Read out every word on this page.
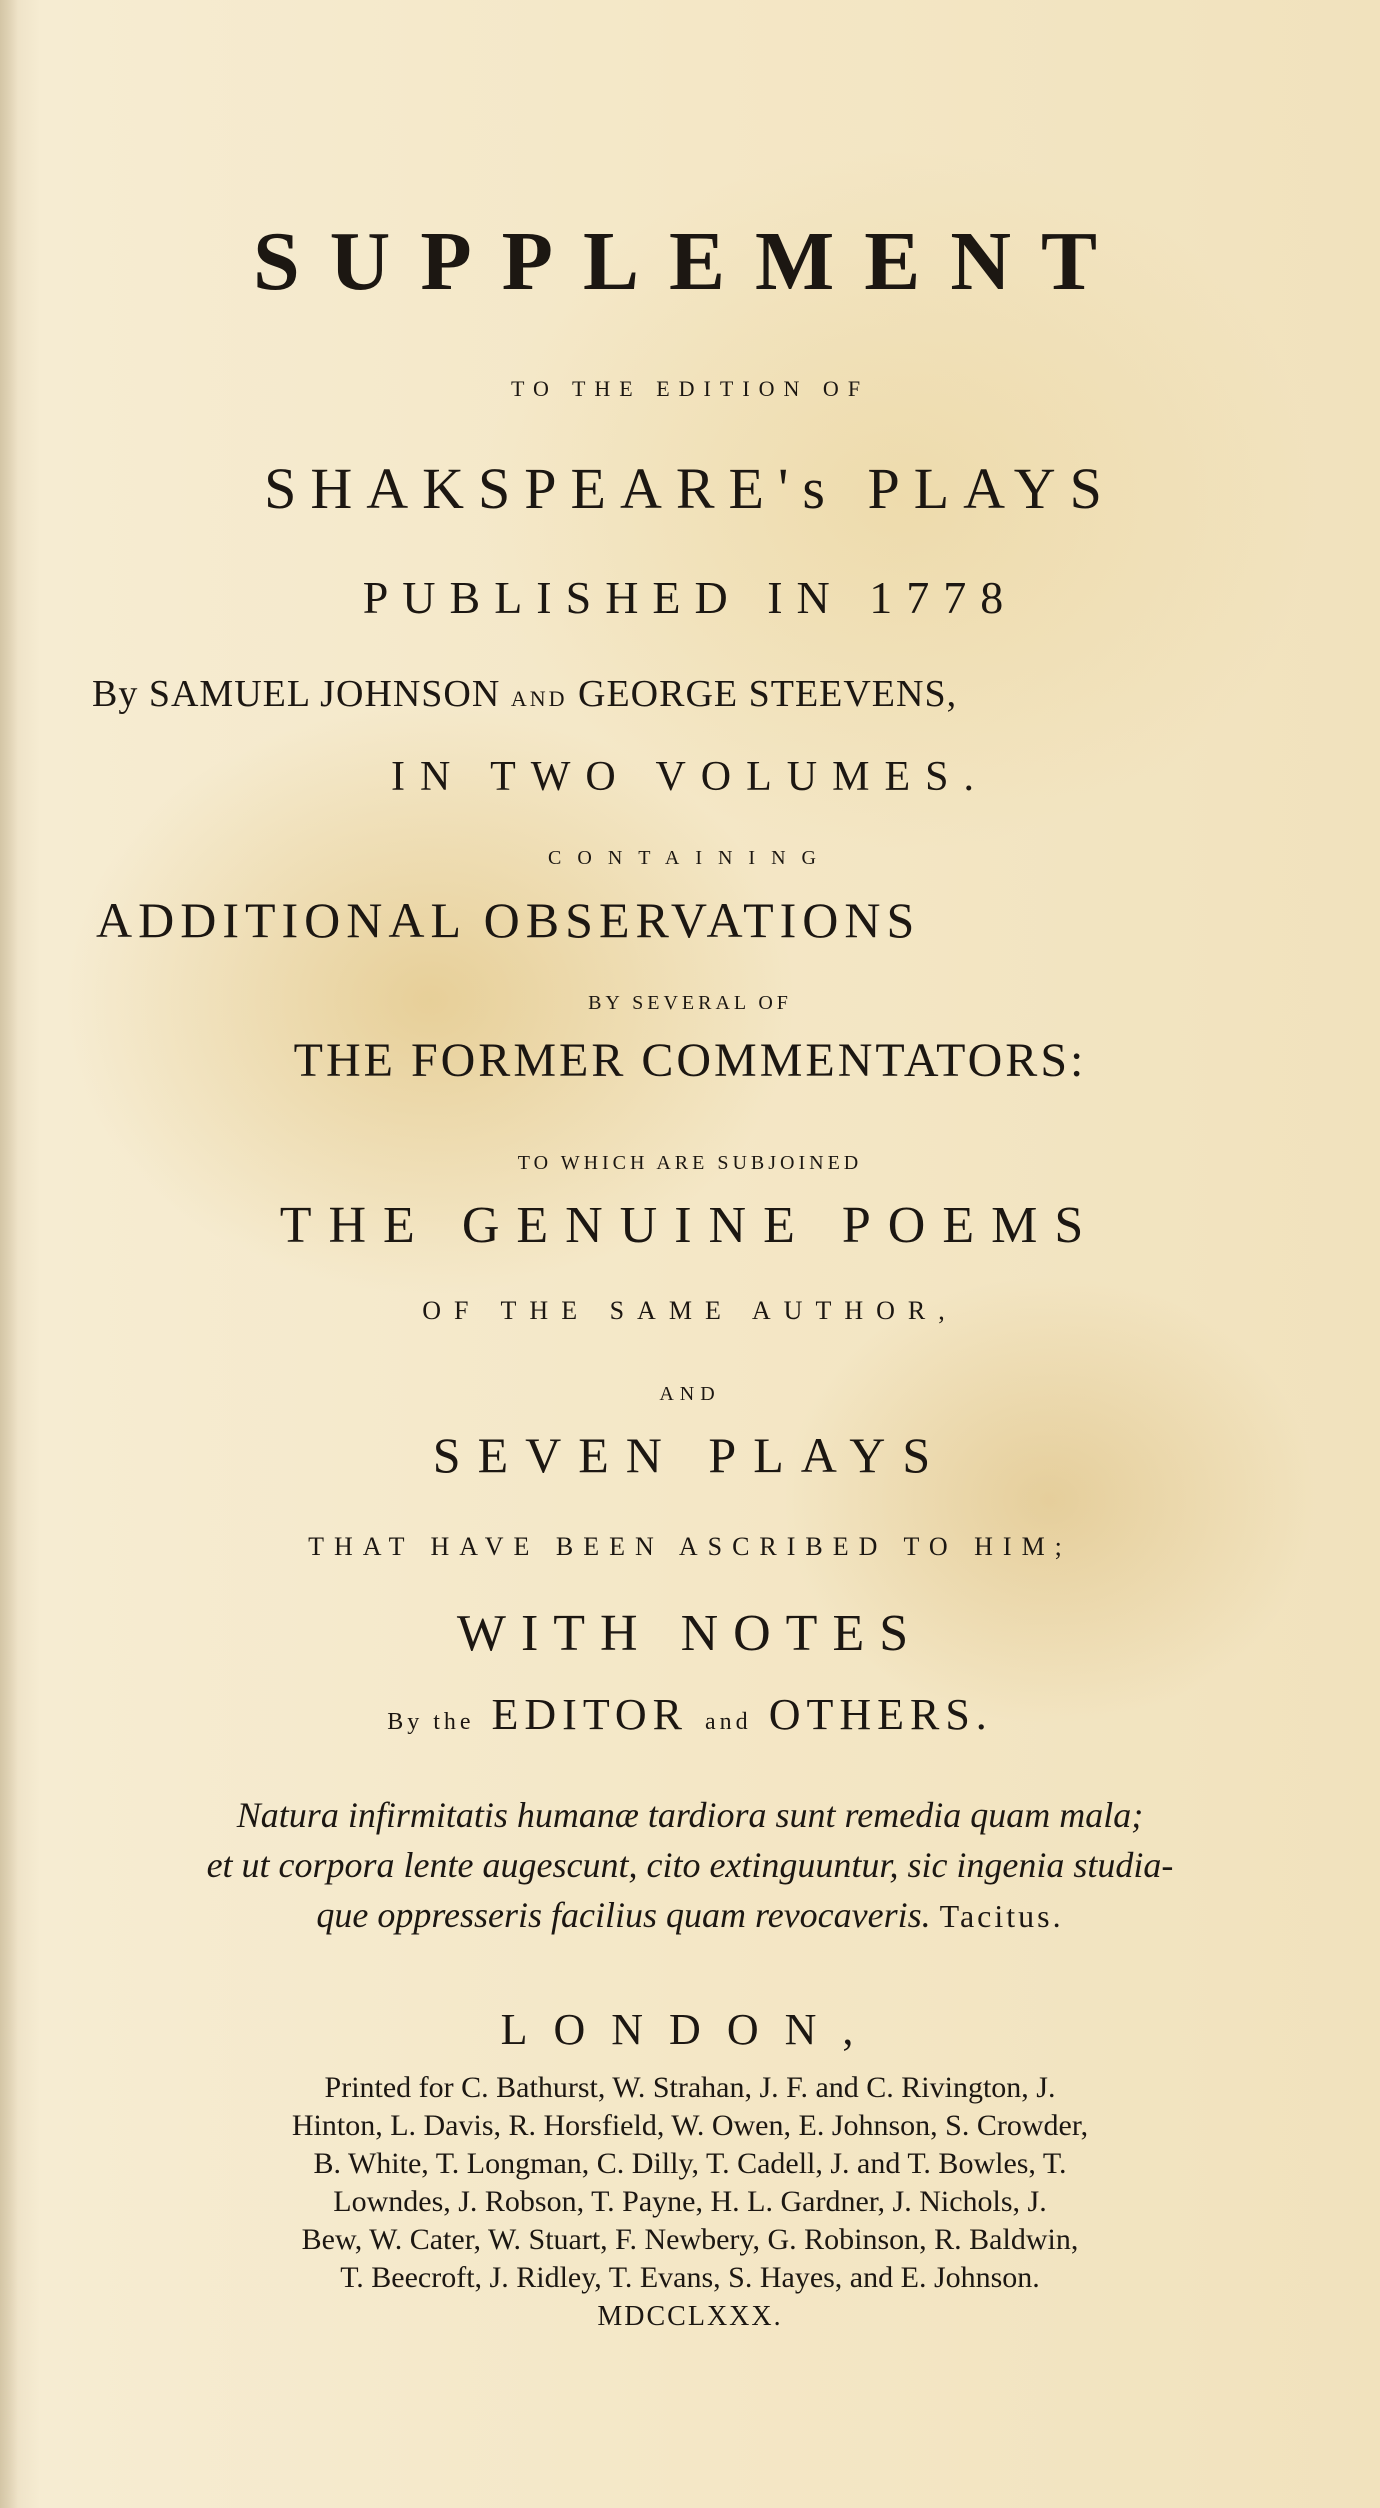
SUPPLEMENT

TO THE EDITION OF

SHAKSPEARE's PLAYS

PUBLISHED IN 1778

By SAMUEL JOHNSON AND GEORGE STEEVENS,

IN TWO VOLUMES.

CONTAINING

ADDITIONAL OBSERVATIONS

BY SEVERAL OF

THE FORMER COMMENTATORS:

TO WHICH ARE SUBJOINED

THE GENUINE POEMS

OF THE SAME AUTHOR,

AND

SEVEN PLAYS

THAT HAVE BEEN ASCRIBED TO HIM;

WITH NOTES

By the EDITOR and OTHERS.

Natura infirmitatis humanæ tardiora sunt remedia quam mala;

et ut corpora lente augescunt, cito extinguuntur, sic ingenia studia-

que oppresseris facilius quam revocaveris. Tacitus.

LONDON,

Printed for C. Bathurst, W. Strahan, J. F. and C. Rivington, J.

Hinton, L. Davis, R. Horsfield, W. Owen, E. Johnson, S. Crowder,

B. White, T. Longman, C. Dilly, T. Cadell, J. and T. Bowles, T.

Lowndes, J. Robson, T. Payne, H. L. Gardner, J. Nichols, J.

Bew, W. Cater, W. Stuart, F. Newbery, G. Robinson, R. Baldwin,

T. Beecroft, J. Ridley, T. Evans, S. Hayes, and E. Johnson.

MDCCLXXX.
